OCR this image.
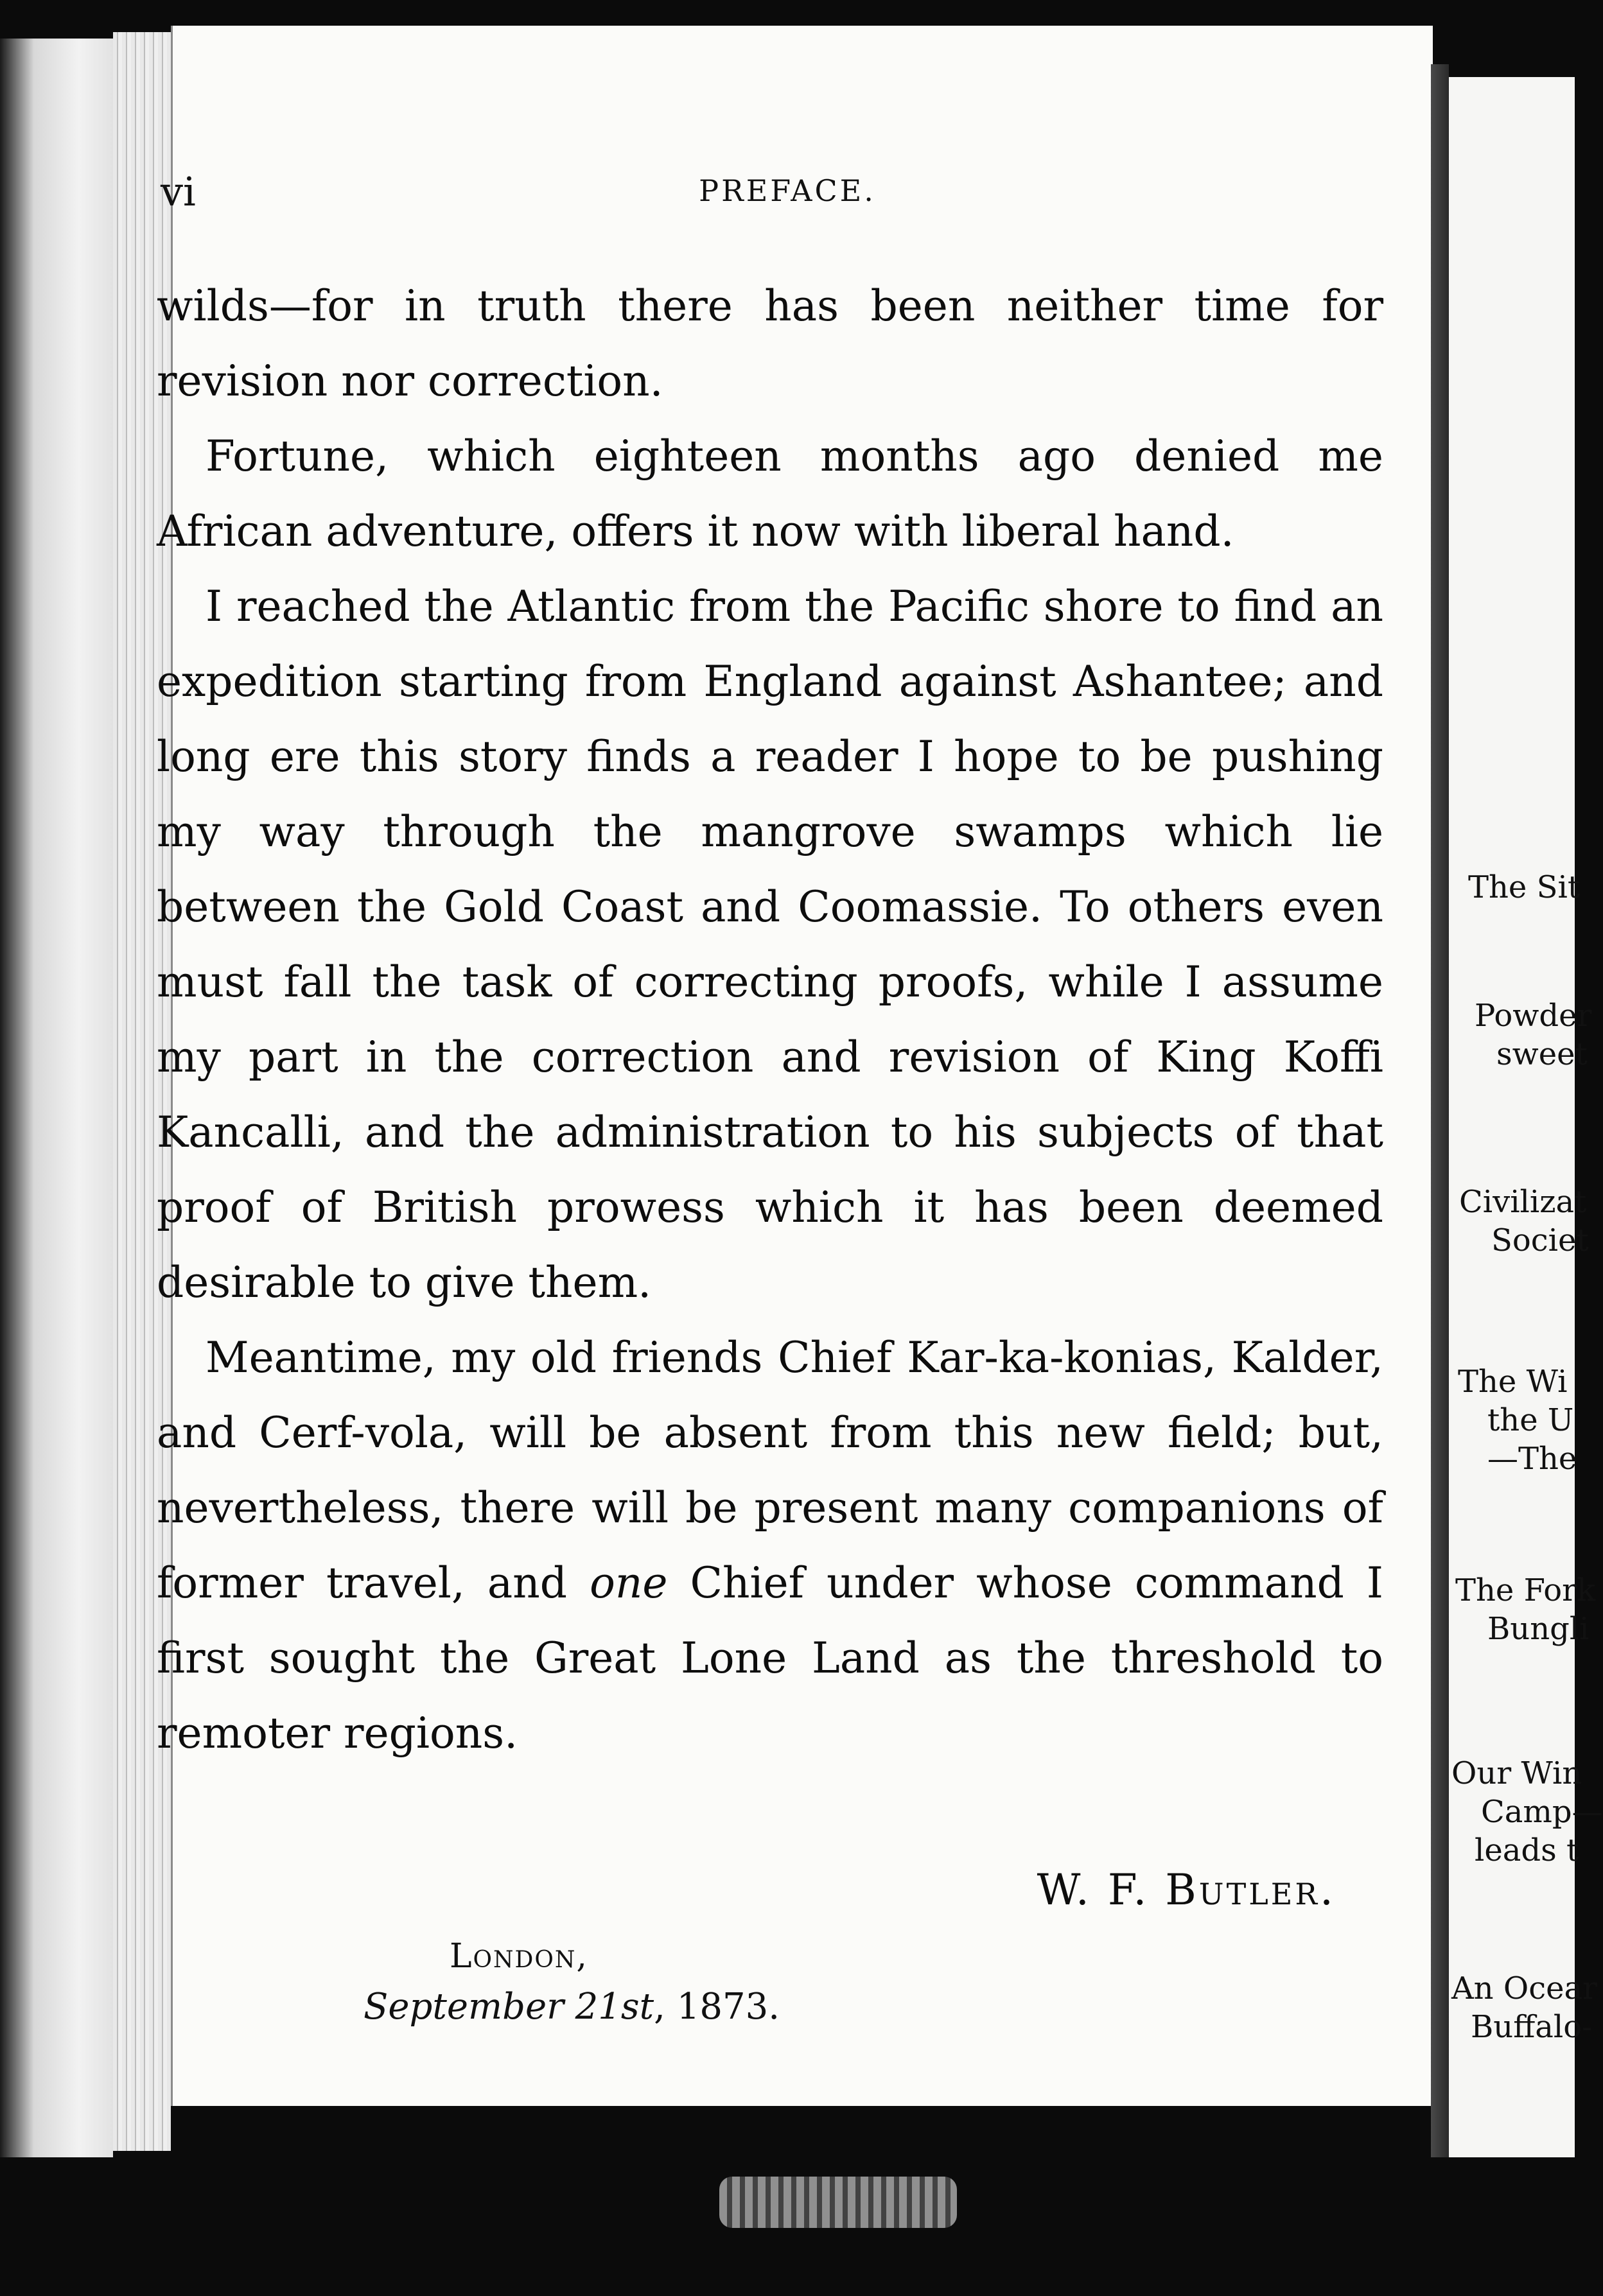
vi	PREFACE.

wilds—for in truth there has been neither time for revision nor correction.

Fortune, which eighteen months ago denied me African adventure, offers it now with liberal hand.

I reached the Atlantic from the Pacific shore to find an expedition starting from England against Ashantee; and long ere this story finds a reader I hope to be pushing my way through the mangrove swamps which lie between the Gold Coast and Coomassie. To others even must fall the task of correcting proofs, while I assume my part in the correction and revision of King Koffi Kancalli, and the administration to his subjects of that proof of British prowess which it has been deemed desirable to give them.

Meantime, my old friends Chief Kar-ka-konias, Kalder, and Cerf-vola, will be absent from this new field; but, nevertheless, there will be present many companions of former travel, and one Chief under whose command I first sought the Great Lone Land as the threshold to remoter regions.

W. F. Butler.
London,
September 21st, 1873.
The Sit
Powder
sweet
Civilizat
Societ
The Wi
the U
—The
The Fork
Bungli
Our Win
Camp—
leads t
An Ocear
Buffalo-
